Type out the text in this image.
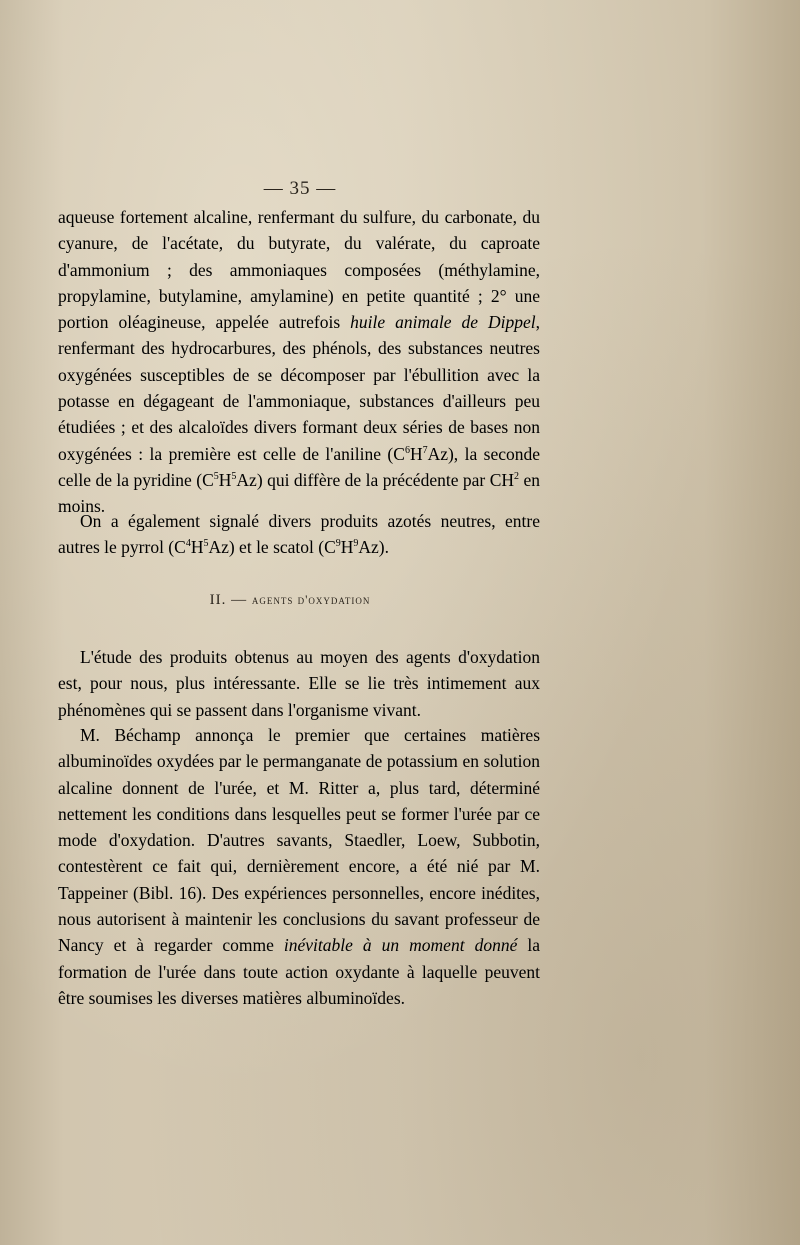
— 35 —

aqueuse fortement alcaline, renfermant du sulfure, du carbonate, du cyanure, de l'acétate, du butyrate, du valérate, du caproate d'ammonium ; des ammoniaques composées (méthylamine, propylamine, butylamine, amylamine) en petite quantité ; 2° une portion oléagineuse, appelée autrefois huile animale de Dippel, renfermant des hydrocarbures, des phénols, des substances neutres oxygénées susceptibles de se décomposer par l'ébullition avec la potasse en dégageant de l'ammoniaque, substances d'ailleurs peu étudiées ; et des alcaloïdes divers formant deux séries de bases non oxygénées : la première est celle de l'aniline $(C^6H^7Az)$, la seconde celle de la pyridine $(C^5H^5Az)$ qui diffère de la précédente par $CH^2$ en moins.

On a également signalé divers produits azotés neutres, entre autres le pyrrol $(C^4H^5Az)$ et le scatol $(C^9H^9Az)$.

II. — agents d'oxydation

L'étude des produits obtenus au moyen des agents d'oxydation est, pour nous, plus intéressante. Elle se lie très intimement aux phénomènes qui se passent dans l'organisme vivant.

M. Béchamp annonça le premier que certaines matières albuminoïdes oxydées par le permanganate de potassium en solution alcaline donnent de l'urée, et M. Ritter a, plus tard, déterminé nettement les conditions dans lesquelles peut se former l'urée par ce mode d'oxydation. D'autres savants, Staedler, Loew, Subbotin, contestèrent ce fait qui, dernièrement encore, a été nié par M. Tappeiner (Bibl. 16). Des expériences personnelles, encore inédites, nous autorisent à maintenir les conclusions du savant professeur de Nancy et à regarder comme inévitable à un moment donné la formation de l'urée dans toute action oxydante à laquelle peuvent être soumises les diverses matières albuminoïdes.
